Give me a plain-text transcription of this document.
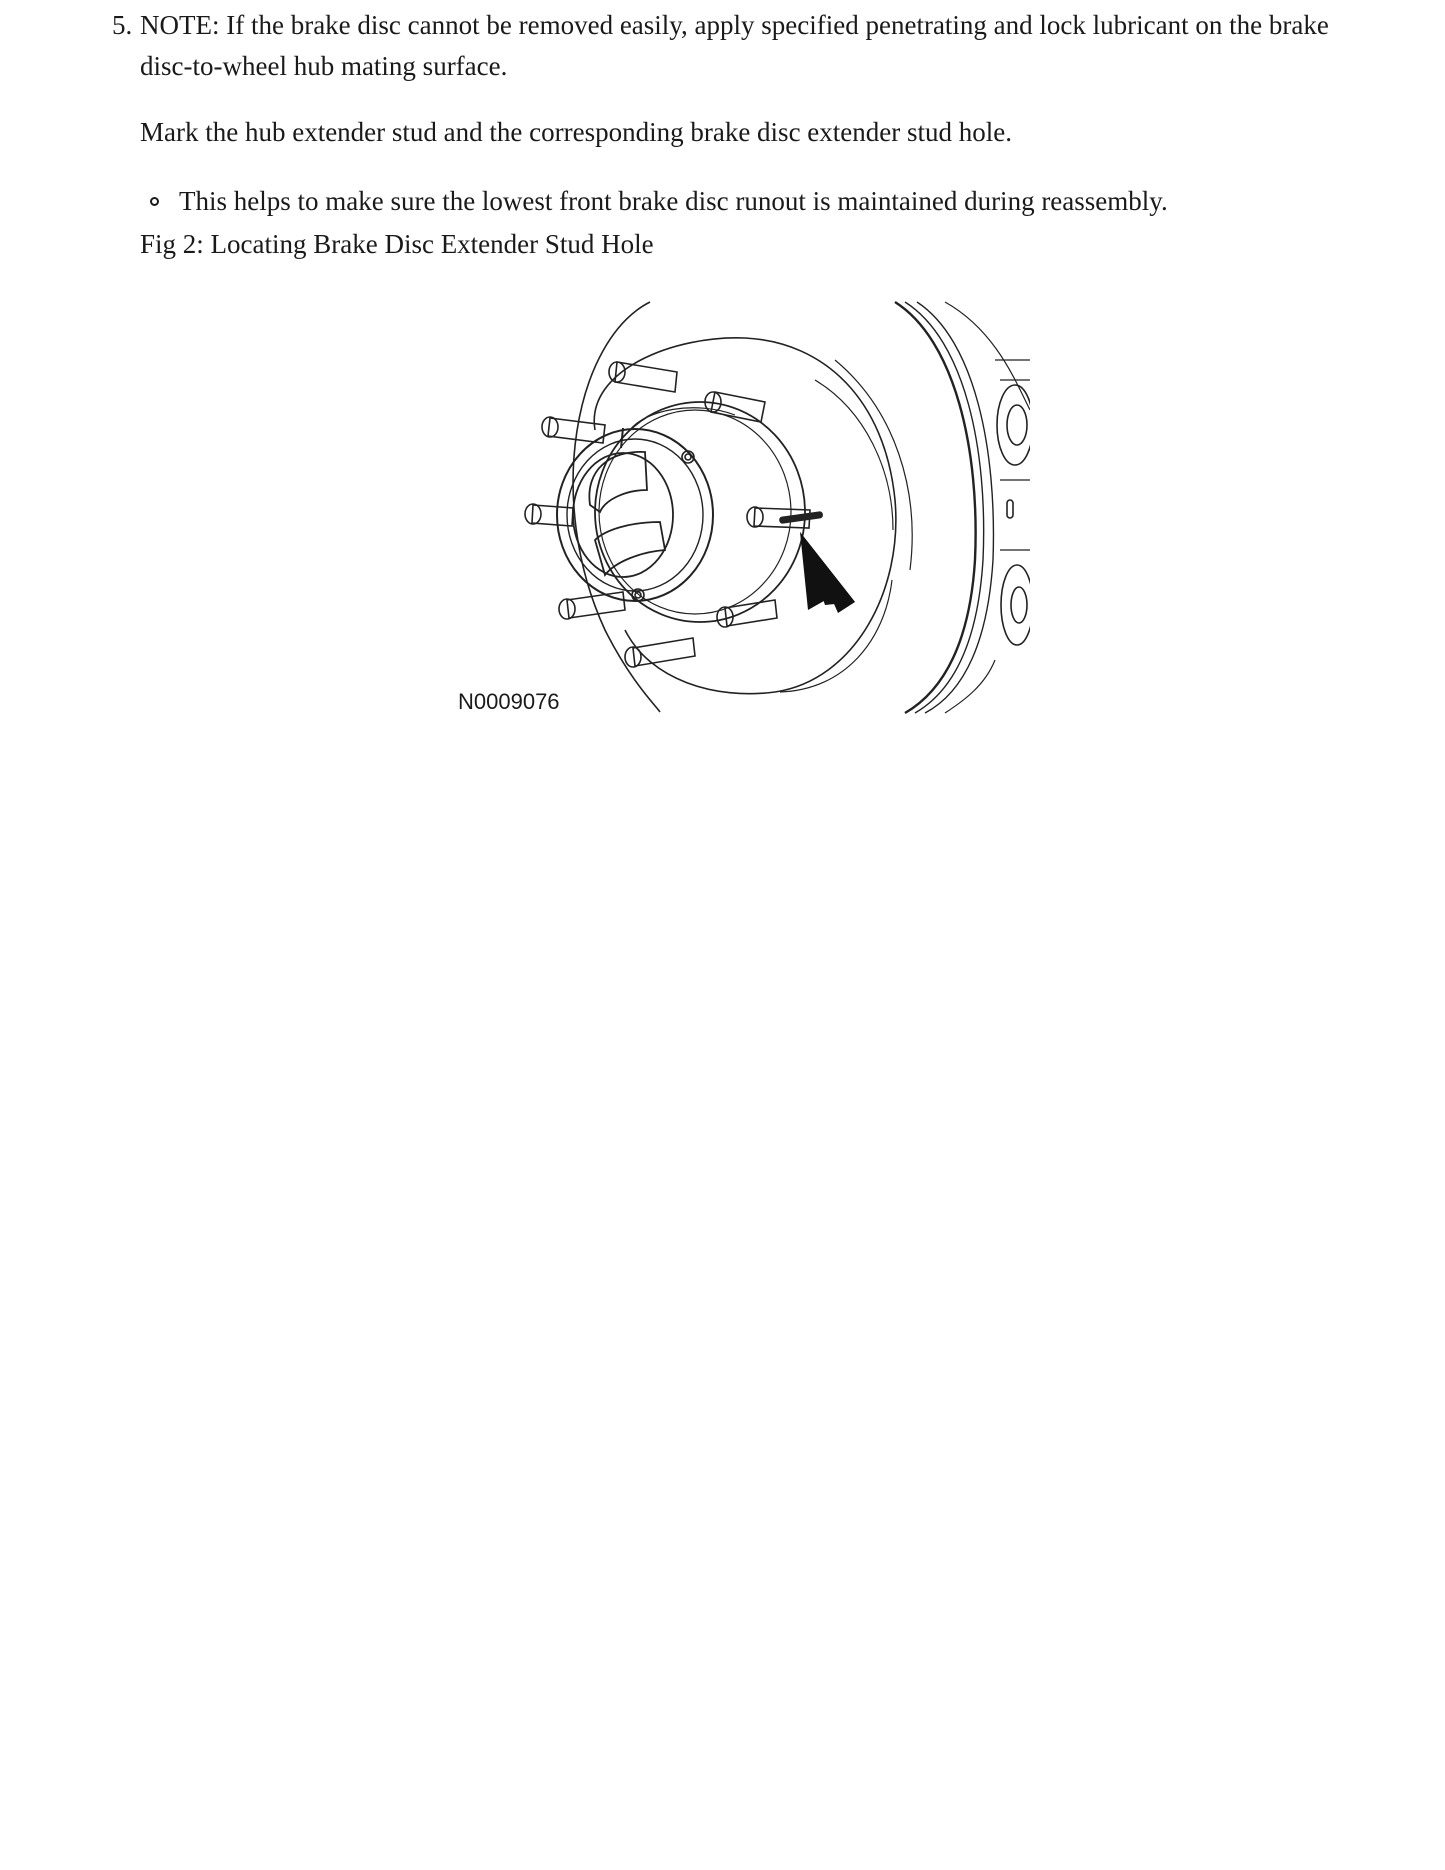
5. NOTE: If the brake disc cannot be removed easily, apply specified penetrating and lock lubricant on the brake disc-to-wheel hub mating surface.

Mark the hub extender stud and the corresponding brake disc extender stud hole.

This helps to make sure the lowest front brake disc runout is maintained during reassembly.

Fig 2: Locating Brake Disc Extender Stud Hole

N0009076
